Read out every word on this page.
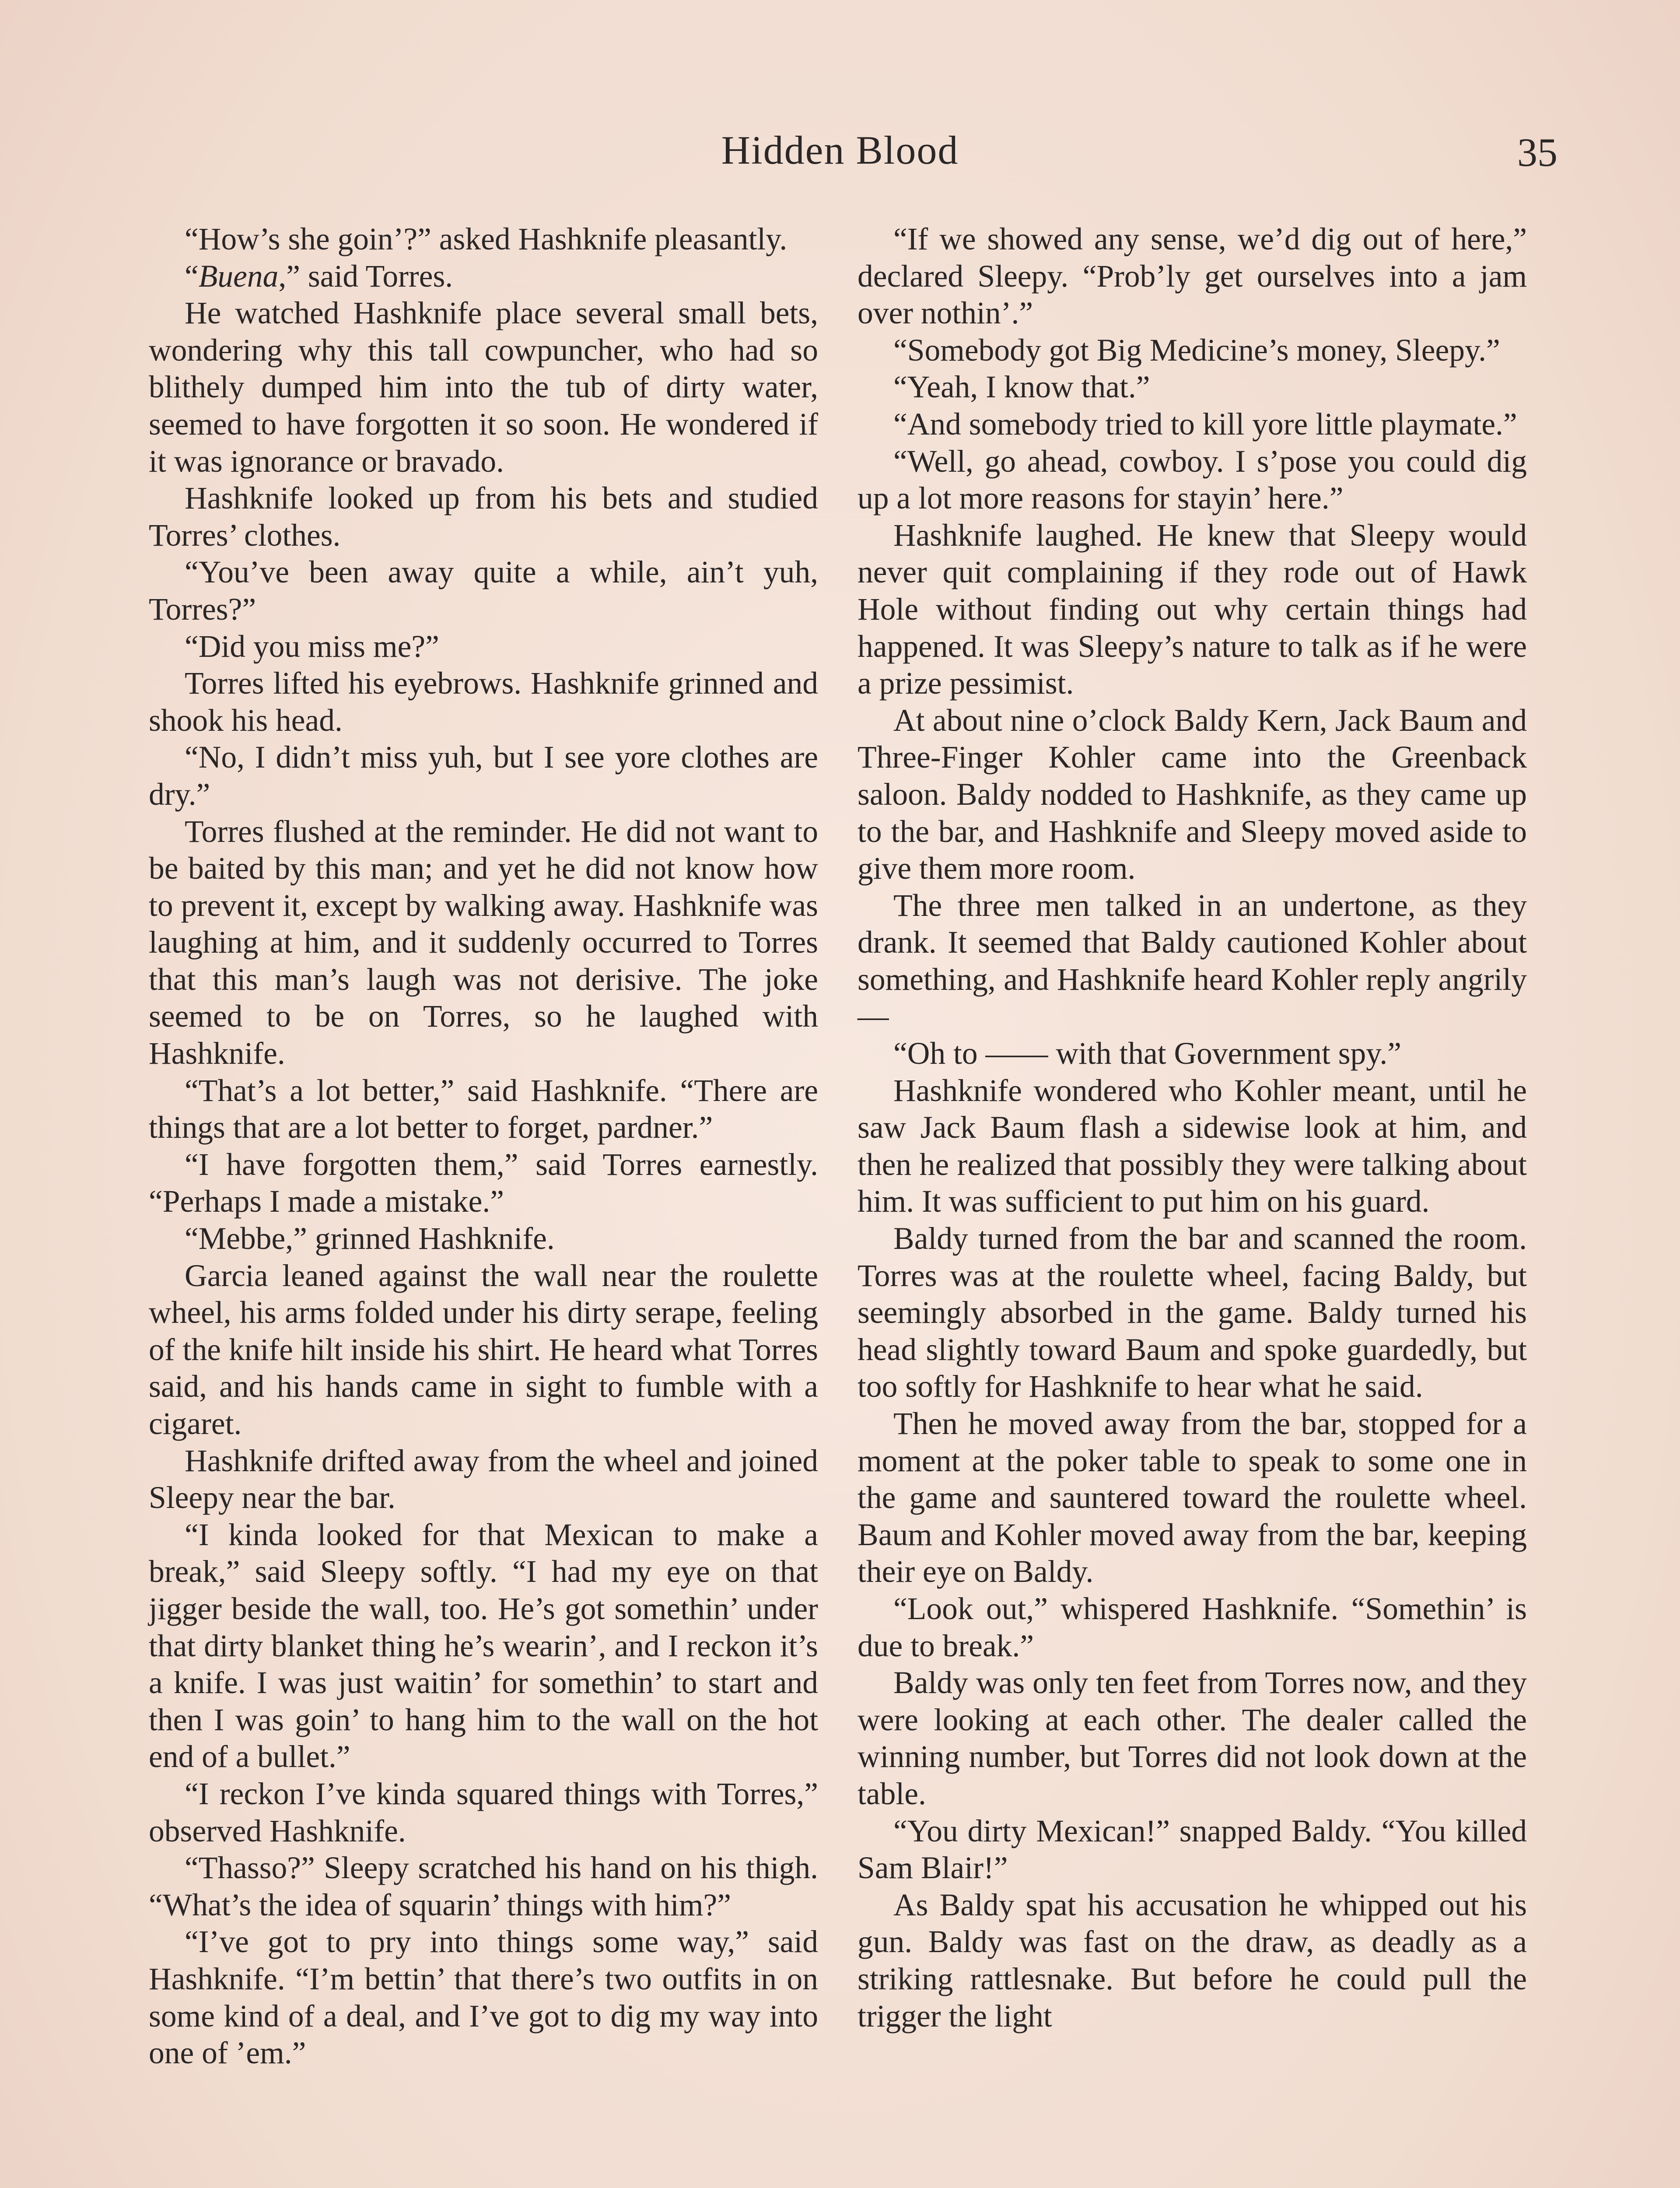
Hidden Blood	35

“How’s she goin’?” asked Hashknife pleasantly.

“Buena,” said Torres.

He watched Hashknife place several small bets, wondering why this tall cowpuncher, who had so blithely dumped him into the tub of dirty water, seemed to have forgotten it so soon. He wondered if it was ignorance or bravado.

Hashknife looked up from his bets and studied Torres’ clothes.

“You’ve been away quite a while, ain’t yuh, Torres?”

“Did you miss me?”

Torres lifted his eyebrows. Hashknife grinned and shook his head.

“No, I didn’t miss yuh, but I see yore clothes are dry.”

Torres flushed at the reminder. He did not want to be baited by this man; and yet he did not know how to prevent it, except by walking away. Hashknife was laughing at him, and it suddenly occurred to Torres that this man’s laugh was not derisive. The joke seemed to be on Torres, so he laughed with Hashknife.

“That’s a lot better,” said Hashknife. “There are things that are a lot better to forget, pardner.”

“I have forgotten them,” said Torres earnestly. “Perhaps I made a mistake.”

“Mebbe,” grinned Hashknife.

Garcia leaned against the wall near the roulette wheel, his arms folded under his dirty serape, feeling of the knife hilt inside his shirt. He heard what Torres said, and his hands came in sight to fumble with a cigaret.

Hashknife drifted away from the wheel and joined Sleepy near the bar.

“I kinda looked for that Mexican to make a break,” said Sleepy softly. “I had my eye on that jigger beside the wall, too. He’s got somethin’ under that dirty blanket thing he’s wearin’, and I reckon it’s a knife. I was just waitin’ for somethin’ to start and then I was goin’ to hang him to the wall on the hot end of a bullet.”

“I reckon I’ve kinda squared things with Torres,” observed Hashknife.

“Thasso?” Sleepy scratched his hand on his thigh. “What’s the idea of squarin’ things with him?”

“I’ve got to pry into things some way,” said Hashknife. “I’m bettin’ that there’s two outfits in on some kind of a deal, and I’ve got to dig my way into one of ’em.”

“If we showed any sense, we’d dig out of here,” declared Sleepy. “Prob’ly get ourselves into a jam over nothin’.”

“Somebody got Big Medicine’s money, Sleepy.”

“Yeah, I know that.”

“And somebody tried to kill yore little playmate.”

“Well, go ahead, cowboy. I s’pose you could dig up a lot more reasons for stayin’ here.”

Hashknife laughed. He knew that Sleepy would never quit complaining if they rode out of Hawk Hole without finding out why certain things had happened. It was Sleepy’s nature to talk as if he were a prize pessimist.

At about nine o’clock Baldy Kern, Jack Baum and Three-Finger Kohler came into the Greenback saloon. Baldy nodded to Hashknife, as they came up to the bar, and Hashknife and Sleepy moved aside to give them more room.

The three men talked in an undertone, as they drank. It seemed that Baldy cautioned Kohler about something, and Hashknife heard Kohler reply angrily—

“Oh to —— with that Government spy.”

Hashknife wondered who Kohler meant, until he saw Jack Baum flash a sidewise look at him, and then he realized that possibly they were talking about him. It was sufficient to put him on his guard.

Baldy turned from the bar and scanned the room. Torres was at the roulette wheel, facing Baldy, but seemingly absorbed in the game. Baldy turned his head slightly toward Baum and spoke guardedly, but too softly for Hashknife to hear what he said.

Then he moved away from the bar, stopped for a moment at the poker table to speak to some one in the game and sauntered toward the roulette wheel. Baum and Kohler moved away from the bar, keeping their eye on Baldy.

“Look out,” whispered Hashknife. “Somethin’ is due to break.”

Baldy was only ten feet from Torres now, and they were looking at each other. The dealer called the winning number, but Torres did not look down at the table.

“You dirty Mexican!” snapped Baldy. “You killed Sam Blair!”

As Baldy spat his accusation he whipped out his gun. Baldy was fast on the draw, as deadly as a striking rattlesnake. But before he could pull the trigger the light
